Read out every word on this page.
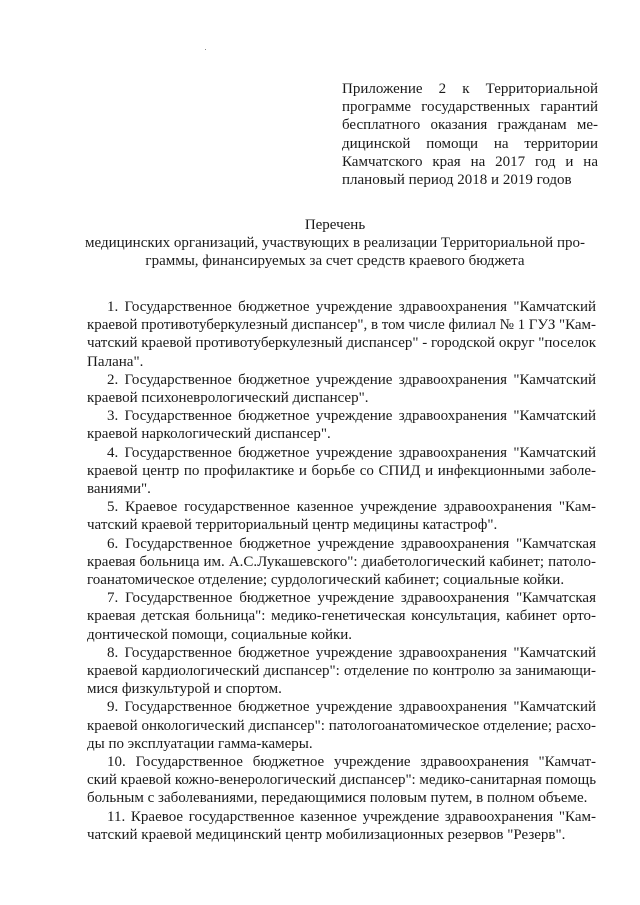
Приложение 2 к Территориальной
программе государственных гарантий
бесплатного оказания гражданам ме-
дицинской помощи на территории
Камчатского края на 2017 год и на
плановый период 2018 и 2019 годов
Перечень
медицинских организаций, участвующих в реализации Территориальной про-
граммы, финансируемых за счет средств краевого бюджета
1. Государственное бюджетное учреждение здравоохранения "Камчатский
краевой противотуберкулезный диспансер", в том числе филиал № 1 ГУЗ "Кам-
чатский краевой противотуберкулезный диспансер" - городской округ "поселок
Палана".
2. Государственное бюджетное учреждение здравоохранения "Камчатский
краевой психоневрологический диспансер".
3. Государственное бюджетное учреждение здравоохранения "Камчатский
краевой наркологический диспансер".
4. Государственное бюджетное учреждение здравоохранения "Камчатский
краевой центр по профилактике и борьбе со СПИД и инфекционными заболе-
ваниями".
5. Краевое государственное казенное учреждение здравоохранения "Кам-
чатский краевой территориальный центр медицины катастроф".
6. Государственное бюджетное учреждение здравоохранения "Камчатская
краевая больница им. А.С.Лукашевского": диабетологический кабинет; патоло-
гоанатомическое отделение; сурдологический кабинет; социальные койки.
7. Государственное бюджетное учреждение здравоохранения "Камчатская
краевая детская больница": медико-генетическая консультация, кабинет орто-
донтической помощи, социальные койки.
8. Государственное бюджетное учреждение здравоохранения "Камчатский
краевой кардиологический диспансер": отделение по контролю за занимающи-
мися физкультурой и спортом.
9. Государственное бюджетное учреждение здравоохранения "Камчатский
краевой онкологический диспансер": патологоанатомическое отделение; расхо-
ды по эксплуатации гамма-камеры.
10. Государственное бюджетное учреждение здравоохранения "Камчат-
ский краевой кожно-венерологический диспансер": медико-санитарная помощь
больным с заболеваниями, передающимися половым путем, в полном объеме.
11. Краевое государственное казенное учреждение здравоохранения "Кам-
чатский краевой медицинский центр мобилизационных резервов "Резерв".
